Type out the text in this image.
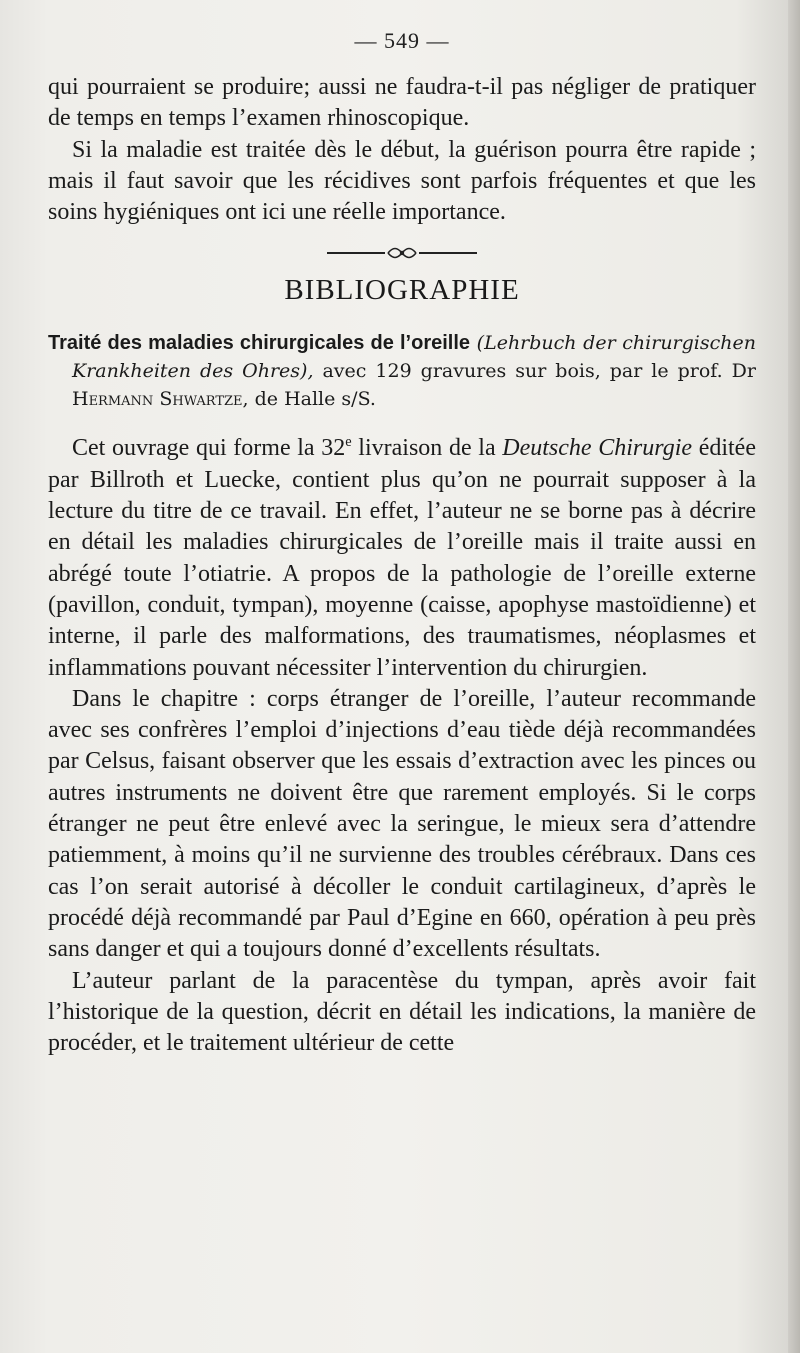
— 549 —

qui pourraient se produire; aussi ne faudra-t-il pas négliger de pratiquer de temps en temps l’examen rhinoscopique.

Si la maladie est traitée dès le début, la guérison pourra être rapide ; mais il faut savoir que les récidives sont parfois fréquentes et que les soins hygiéniques ont ici une réelle importance.

BIBLIOGRAPHIE
Traité des maladies chirurgicales de l’oreille (Lehrbuch der chirurgischen Krankheiten des Ohres), avec 129 gravures sur bois, par le prof. Dr Hermann Shwartze, de Halle s/S.

Cet ouvrage qui forme la 32e livraison de la Deutsche Chirurgie éditée par Billroth et Luecke, contient plus qu’on ne pourrait supposer à la lecture du titre de ce travail. En effet, l’auteur ne se borne pas à décrire en détail les maladies chirurgicales de l’oreille mais il traite aussi en abrégé toute l’otiatrie. A propos de la pathologie de l’oreille externe (pavillon, conduit, tympan), moyenne (caisse, apophyse mastoïdienne) et interne, il parle des malformations, des traumatismes, néoplasmes et inflammations pouvant nécessiter l’intervention du chirurgien.

Dans le chapitre : corps étranger de l’oreille, l’auteur recommande avec ses confrères l’emploi d’injections d’eau tiède déjà recommandées par Celsus, faisant observer que les essais d’extraction avec les pinces ou autres instruments ne doivent être que rarement employés. Si le corps étranger ne peut être enlevé avec la seringue, le mieux sera d’attendre patiemment, à moins qu’il ne survienne des troubles cérébraux. Dans ces cas l’on serait autorisé à décoller le conduit cartilagineux, d’après le procédé déjà recommandé par Paul d’Egine en 660, opération à peu près sans danger et qui a toujours donné d’excellents résultats.

L’auteur parlant de la paracentèse du tympan, après avoir fait l’historique de la question, décrit en détail les indications, la manière de procéder, et le traitement ultérieur de cette
